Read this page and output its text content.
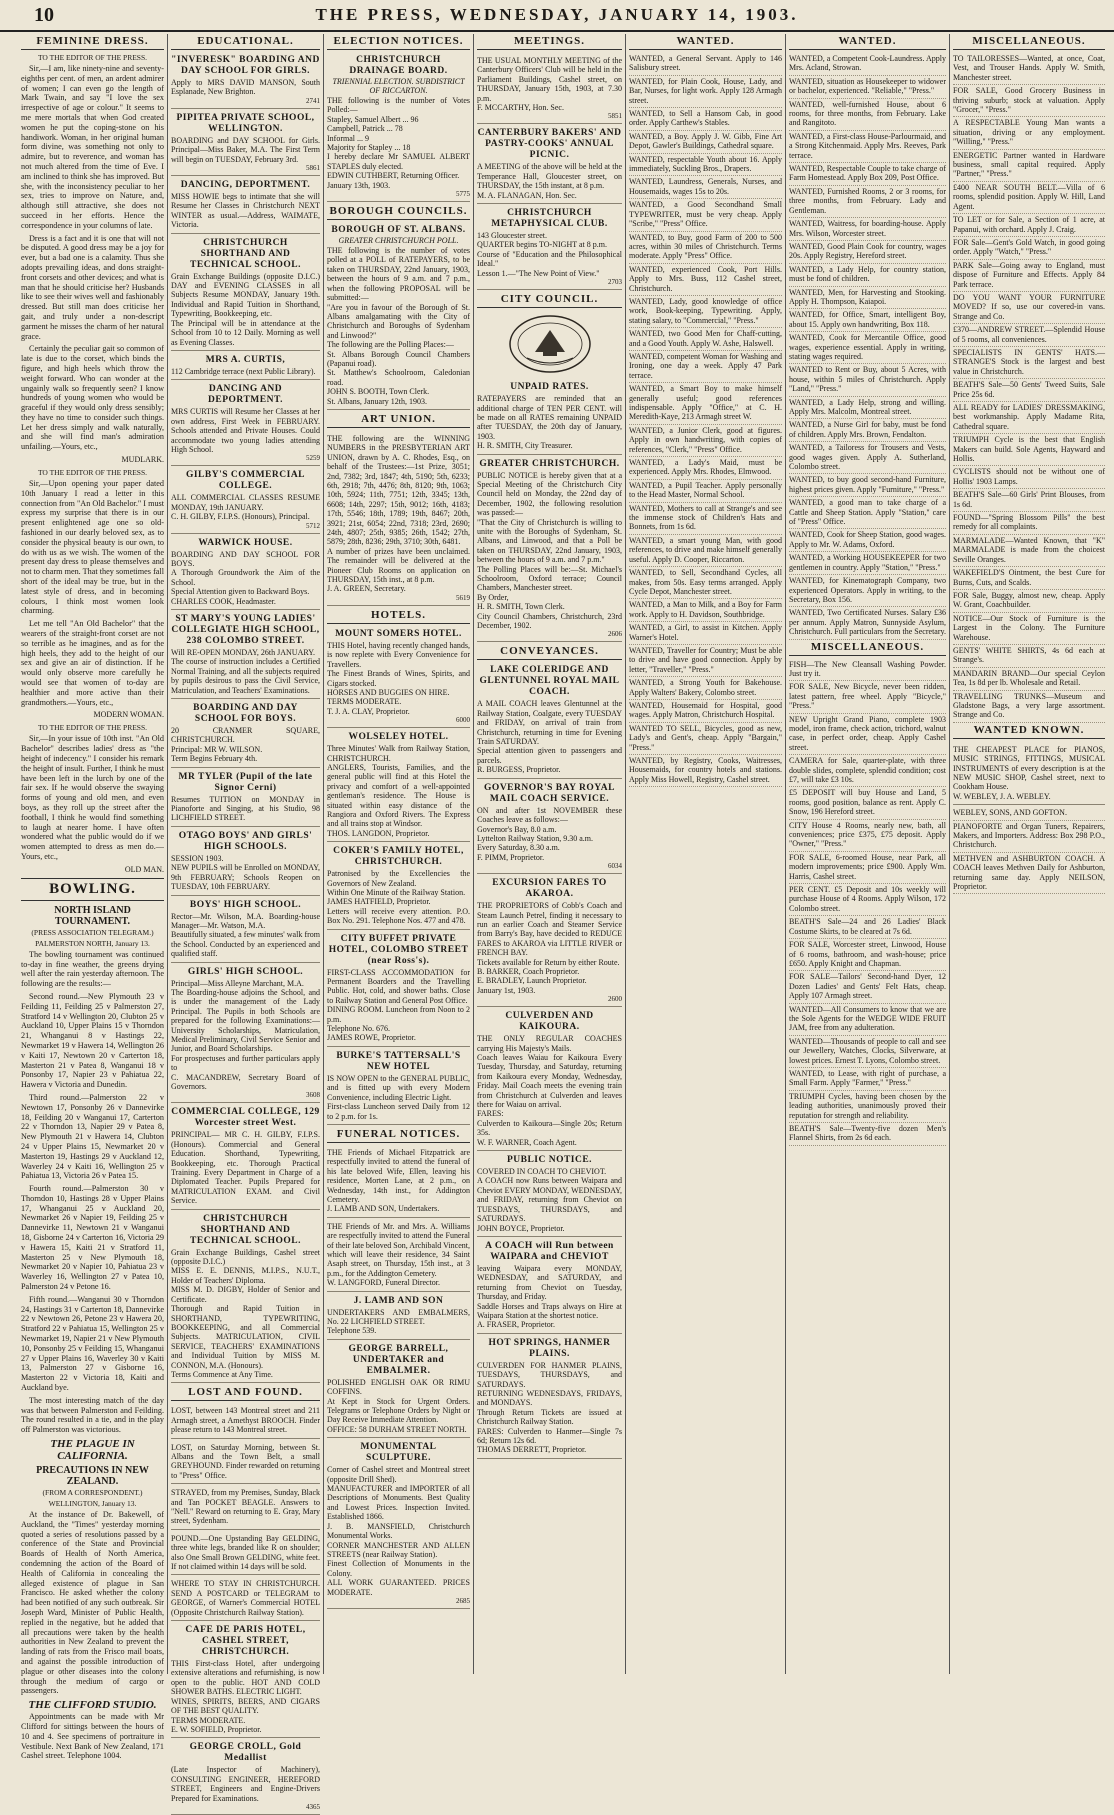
10	THE PRESS, WEDNESDAY, JANUARY 14, 1903.
FEMININE DRESS.
TO THE EDITOR OF THE PRESS.

Sir,—I am, like ninety-nine and seventy-eighths per cent. of men, an ardent admirer of women; I can even go the length of Mark Twain, and say "I love the sex irrespective of age or colour." It seems to me mere mortals that when God created women he put the coping-stone on his handiwork. Woman, in her original human form divine, was something not only to admire, but to reverence, and woman has not much altered from the time of Eve. I am inclined to think she has improved. But she, with the inconsistency peculiar to her sex, tries to improve on Nature, and, although still attractive, she does not succeed in her efforts. Hence the correspondence in your columns of late.

Dress is a fact and it is one that will not be disputed. A good dress may be a joy for ever, but a bad one is a calamity. Thus she adopts prevailing ideas, and dons straight-front corsets and other devices; and what is man that he should criticise her? Husbands like to see their wives well and fashionably dressed. But still man does criticise her gait, and truly under a non-descript garment he misses the charm of her natural grace.

Certainly the peculiar gait so common of late is due to the corset, which binds the figure, and high heels which throw the weight forward. Who can wonder at the ungainly walk so frequently seen? I know hundreds of young women who would be graceful if they would only dress sensibly; they have no time to consider such things. Let her dress simply and walk naturally, and she will find man's admiration unfailing.—Yours, etc.,

MUDLARK.
TO THE EDITOR OF THE PRESS.

Sir,—Upon opening your paper dated 10th January I read a letter in this connection from "An Old Bachelor." I must express my surprise that there is in our present enlightened age one so old-fashioned in our dearly beloved sex, as to consider the physical beauty is our own, to do with us as we wish. The women of the present day dress to please themselves and not to charm men. That they sometimes fall short of the ideal may be true, but in the latest style of dress, and in becoming colours, I think most women look charming.

Let me tell "An Old Bachelor" that the wearers of the straight-front corset are not so terrible as he imagines, and as for the high heels, they add to the height of our sex and give an air of distinction. If he would only observe more carefully he would see that women of to-day are healthier and more active than their grandmothers.—Yours, etc.,

MODERN WOMAN.
TO THE EDITOR OF THE PRESS.

Sir,—In your issue of 10th inst. "An Old Bachelor" describes ladies' dress as "the height of indecency." I consider his remark the height of insult. Further, I think he must have been left in the lurch by one of the fair sex. If he would observe the swaying forms of young and old men, and even boys, as they roll up the street after the football, I think he would find something to laugh at nearer home. I have often wondered what the public would do if we women attempted to dress as men do.—Yours, etc.,

OLD MAN.
BOWLING.
NORTH ISLAND TOURNAMENT.
(PRESS ASSOCIATION TELEGRAM.)
PALMERSTON NORTH, January 13.

The bowling tournament was continued to-day in fine weather, the greens drying well after the rain yesterday afternoon. The following are the results:—

Second round.—New Plymouth 23 v Feilding 11, Feilding 25 v Palmerston 27, Stratford 14 v Wellington 20, Clubton 25 v Auckland 10, Upper Plains 15 v Thorndon 21, Whanganui 8 v Hastings 22, Newmarket 19 v Hawera 14, Wellington 26 v Kaiti 17, Newtown 20 v Carterton 18, Masterton 21 v Patea 8, Wanganui 18 v Ponsonby 17, Napier 23 v Pahiatua 22, Hawera v Victoria and Dunedin.

Third round.—Palmerston 22 v Newtown 17, Ponsonby 26 v Dannevirke 18, Feilding 20 v Wanganui 17, Carterton 22 v Thorndon 13, Napier 29 v Patea 8, New Plymouth 21 v Hawera 14, Clubton 24 v Upper Plains 15, Newmarket 20 v Masterton 19, Hastings 29 v Auckland 12, Waverley 24 v Kaiti 16, Wellington 25 v Pahiatua 13, Victoria 26 v Patea 15.

Fourth round.—Palmerston 30 v Thorndon 10, Hastings 28 v Upper Plains 17, Whanganui 25 v Auckland 20, Newmarket 26 v Napier 19, Feilding 25 v Dannevirke 11, Newtown 21 v Wanganui 18, Gisborne 24 v Carterton 16, Victoria 29 v Hawera 15, Kaiti 21 v Stratford 11, Masterton 25 v New Plymouth 18, Newmarket 20 v Napier 10, Pahiatua 23 v Waverley 16, Wellington 27 v Patea 10, Palmerston 24 v Petone 16.

Fifth round.—Wanganui 30 v Thorndon 24, Hastings 31 v Carterton 18, Dannevirke 22 v Newtown 26, Petone 23 v Hawera 20, Stratford 22 v Pahiatua 15, Wellington 25 v Newmarket 19, Napier 21 v New Plymouth 10, Ponsonby 25 v Feilding 15, Whanganui 27 v Upper Plains 16, Waverley 30 v Kaiti 13, Palmerston 27 v Gisborne 16, Masterton 22 v Victoria 18, Kaiti and Auckland bye.

The most interesting match of the day was that between Palmerston and Feilding. The round resulted in a tie, and in the play off Palmerston was victorious.

THE PLAGUE IN CALIFORNIA.
PRECAUTIONS IN NEW ZEALAND.
(FROM A CORRESPONDENT.)
WELLINGTON, January 13.

At the instance of Dr. Bakewell, of Auckland, the "Times" yesterday morning quoted a series of resolutions passed by a conference of the State and Provincial Boards of Health of North America, condemning the action of the Board of Health of California in concealing the alleged existence of plague in San Francisco. He asked whether the colony had been notified of any such outbreak. Sir Joseph Ward, Minister of Public Health, replied in the negative, but he added that all precautions were taken by the health authorities in New Zealand to prevent the landing of rats from the Frisco mail boats, and against the possible introduction of plague or other diseases into the colony through the medium of cargo or passengers.

THE CLIFFORD STUDIO.

Appointments can be made with Mr Clifford for sittings between the hours of 10 and 4. See specimens of portraiture in Vestibule. Next Bank of New Zealand, 171 Cashel street. Telephone 1004.

EDUCATIONAL.
"INVERESK" BOARDING AND DAY SCHOOL FOR GIRLS.
Apply to MRS DAVID MANSON, South Esplanade, New Brighton.
2741
PIPITEA PRIVATE SCHOOL, WELLINGTON.
BOARDING and DAY SCHOOL for Girls. Principal—Miss Baker, M.A. The First Term will begin on TUESDAY, February 3rd.
5861
DANCING, DEPORTMENT.
MISS HOWIE begs to intimate that she will Resume her Classes in Christchurch NEXT WINTER as usual.—Address, WAIMATE, Victoria.
CHRISTCHURCH SHORTHAND AND TECHNICAL SCHOOL.
Grain Exchange Buildings (opposite D.I.C.) DAY and EVENING CLASSES in all Subjects Resume MONDAY, January 19th. Individual and Rapid Tuition in Shorthand, Typewriting, Bookkeeping, etc.
The Principal will be in attendance at the School from 10 to 12 Daily. Morning as well as Evening Classes.
MRS A. CURTIS,
112 Cambridge terrace (next Public Library).
DANCING AND DEPORTMENT.
MRS CURTIS will Resume her Classes at her own address, First Week in FEBRUARY. Schools attended and Private Houses. Could accommodate two young ladies attending High School.
5259
GILBY'S COMMERCIAL COLLEGE.
ALL COMMERCIAL CLASSES RESUME MONDAY, 19th JANUARY.
C. H. GILBY, F.I.P.S. (Honours), Principal.
5712
WARWICK HOUSE.
BOARDING AND DAY SCHOOL FOR BOYS.
A Thorough Groundwork the Aim of the School.
Special Attention given to Backward Boys.
CHARLES COOK, Headmaster.
ST MARY'S YOUNG LADIES' COLLEGIATE HIGH SCHOOL, 238 COLOMBO STREET.
Will RE-OPEN MONDAY, 26th JANUARY.
The course of instruction includes a Certified Normal Training, and all the subjects required by pupils desirous to pass the Civil Service, Matriculation, and Teachers' Examinations.
BOARDING AND DAY SCHOOL FOR BOYS.
20 CRANMER SQUARE, CHRISTCHURCH.
Principal: MR W. WILSON.
Term Begins February 4th.
MR TYLER (Pupil of the late Signor Cerni)
Resumes TUITION on MONDAY in Pianoforte and Singing, at his Studio, 98 LICHFIELD STREET.
OTAGO BOYS' AND GIRLS' HIGH SCHOOLS.
SESSION 1903.
NEW PUPILS will be Enrolled on MONDAY, 9th FEBRUARY; Schools Reopen on TUESDAY, 10th FEBRUARY.
BOYS' HIGH SCHOOL.
Rector—Mr. Wilson, M.A. Boarding-house Manager—Mr. Watson, M.A.
Beautifully situated, a few minutes' walk from the School. Conducted by an experienced and qualified staff.
GIRLS' HIGH SCHOOL.
Principal—Miss Alleyne Marchant, M.A.
The Boarding-house adjoins the School, and is under the management of the Lady Principal. The Pupils in both Schools are prepared for the following Examinations:—University Scholarships, Matriculation, Medical Preliminary, Civil Service Senior and Junior, and Board Scholarships.
For prospectuses and further particulars apply to
C. MACANDREW, Secretary Board of Governors.
3608
COMMERCIAL COLLEGE, 129 Worcester street West.
PRINCIPAL— MR C. H. GILBY, F.I.P.S. (Honours). Commercial and General Education. Shorthand, Typewriting, Bookkeeping, etc. Thorough Practical Training. Every Department in Charge of a Diplomated Teacher. Pupils Prepared for MATRICULATION EXAM. and Civil Service.
CHRISTCHURCH SHORTHAND AND TECHNICAL SCHOOL.
Grain Exchange Buildings, Cashel street (opposite D.I.C.)
MISS E. E. DENNIS, M.I.P.S., N.U.T., Holder of Teachers' Diploma.
MISS M. D. DIGBY, Holder of Senior and Certificate.
Thorough and Rapid Tuition in SHORTHAND, TYPEWRITING, BOOKKEEPING, and all Commercial Subjects. MATRICULATION, CIVIL SERVICE, TEACHERS' EXAMINATIONS and Individual Tuition by MISS M. CONNON, M.A. (Honours).
Terms Commence at Any Time.
LOST AND FOUND.
LOST, between 143 Montreal street and 211 Armagh street, a Amethyst BROOCH. Finder please return to 143 Montreal street.
LOST, on Saturday Morning, between St. Albans and the Town Belt, a small GREYHOUND. Finder rewarded on returning to "Press" Office.
STRAYED, from my Premises, Sunday, Black and Tan POCKET BEAGLE. Answers to "Nell." Reward on returning to E. Gray, Mary street, Sydenham.
POUND.—One Upstanding Bay GELDING, three white legs, branded like R on shoulder; also One Small Brown GELDING, white feet. If not claimed within 14 days will be sold.
WHERE TO STAY IN CHRISTCHURCH. SEND A POSTCARD or TELEGRAM to GEORGE, of Warner's Commercial HOTEL (Opposite Christchurch Railway Station).
CAFE DE PARIS HOTEL, CASHEL STREET, CHRISTCHURCH.
THIS First-class Hotel, after undergoing extensive alterations and refurnishing, is now open to the public. HOT AND COLD SHOWER BATHS. ELECTRIC LIGHT.
WINES, SPIRITS, BEERS, AND CIGARS OF THE BEST QUALITY.
TERMS MODERATE.
E. W. SOFIELD, Proprietor.
GEORGE CROLL, Gold Medallist
(Late Inspector of Machinery), CONSULTING ENGINEER, HEREFORD STREET, Engineers and Engine-Drivers Prepared for Examinations.
4365
ELECTION NOTICES.
CHRISTCHURCH DRAINAGE BOARD.
TRIENNIAL ELECTION. SUBDISTRICT OF RICCARTON.
THE following is the number of Votes Polled:—
Stapley, Samuel Albert ... 96
Campbell, Patrick ... 78
Informal ... 9
Majority for Stapley ... 18
I hereby declare Mr SAMUEL ALBERT STAPLES duly elected.
EDWIN CUTHBERT, Returning Officer.
January 13th, 1903.
5775
BOROUGH COUNCILS.
BOROUGH OF ST. ALBANS.
GREATER CHRISTCHURCH POLL.
THE following is the number of votes polled at a POLL of RATEPAYERS, to be taken on THURSDAY, 22nd January, 1903, between the hours of 9 a.m. and 7 p.m., when the following PROPOSAL will be submitted:—
"Are you in favour of the Borough of St. Albans amalgamating with the City of Christchurch and Boroughs of Sydenham and Linwood?"
The following are the Polling Places:—
St. Albans Borough Council Chambers (Papanui road).
St. Matthew's Schoolroom, Caledonian road.
JOHN S. BOOTH, Town Clerk.
St. Albans, January 12th, 1903.
ART UNION.
THE following are the WINNING NUMBERS in the PRESBYTERIAN ART UNION, drawn by A. C. Rhodes, Esq., on behalf of the Trustees:—1st Prize, 3051; 2nd, 7382; 3rd, 1847; 4th, 5190; 5th, 6233; 6th, 2918; 7th, 4476; 8th, 8120; 9th, 1063; 10th, 5924; 11th, 7751; 12th, 3345; 13th, 6608; 14th, 2297; 15th, 9012; 16th, 4183; 17th, 5546; 18th, 1789; 19th, 8467; 20th, 3921; 21st, 6054; 22nd, 7318; 23rd, 2690; 24th, 4807; 25th, 9385; 26th, 1542; 27th, 5879; 28th, 8236; 29th, 3710; 30th, 6481.
A number of prizes have been unclaimed. The remainder will be delivered at the Pioneer Club Rooms on application on THURSDAY, 15th inst., at 8 p.m.
J. A. GREEN, Secretary.
5619
HOTELS.
MOUNT SOMERS HOTEL.
THIS Hotel, having recently changed hands, is now replete with Every Convenience for Travellers.
The Finest Brands of Wines, Spirits, and Cigars stocked.
HORSES AND BUGGIES ON HIRE.
TERMS MODERATE.
T. J. A. CLAY, Proprietor.
6000
WOLSELEY HOTEL.
Three Minutes' Walk from Railway Station, CHRISTCHURCH.
ANGLERS, Tourists, Families, and the general public will find at this Hotel the privacy and comfort of a well-appointed gentleman's residence. The House is situated within easy distance of the Rangiora and Oxford Rivers. The Express and all trains stop at Windsor.
THOS. LANGDON, Proprietor.
COKER'S FAMILY HOTEL, CHRISTCHURCH.
Patronised by the Excellencies the Governors of New Zealand.
Within One Minute of the Railway Station.
JAMES HATFIELD, Proprietor.
Letters will receive every attention. P.O. Box No. 291. Telephone Nos. 477 and 478.
CITY BUFFET PRIVATE HOTEL, COLOMBO STREET (near Ross's).
FIRST-CLASS ACCOMMODATION for Permanent Boarders and the Travelling Public. Hot, cold, and shower baths. Close to Railway Station and General Post Office.
DINING ROOM. Luncheon from Noon to 2 p.m.
Telephone No. 676.
JAMES ROWE, Proprietor.
BURKE'S TATTERSALL'S NEW HOTEL
IS NOW OPEN to the GENERAL PUBLIC, and is fitted up with every Modern Convenience, including Electric Light.
First-class Luncheon served Daily from 12 to 2 p.m. for 1s.
FUNERAL NOTICES.
THE Friends of Michael Fitzpatrick are respectfully invited to attend the funeral of his late beloved Wife, Ellen, leaving his residence, Morten Lane, at 2 p.m., on Wednesday, 14th inst., for Addington Cemetery.
J. LAMB AND SON, Undertakers.
THE Friends of Mr. and Mrs. A. Williams are respectfully invited to attend the Funeral of their late beloved Son, Archibald Vincent, which will leave their residence, 34 Saint Asaph street, on Thursday, 15th inst., at 3 p.m., for the Addington Cemetery.
W. LANGFORD, Funeral Director.
J. LAMB AND SON
UNDERTAKERS AND EMBALMERS, No. 22 LICHFIELD STREET.
Telephone 539.
GEORGE BARRELL, UNDERTAKER and EMBALMER.
POLISHED ENGLISH OAK OR RIMU COFFINS.
At Kept in Stock for Urgent Orders. Telegrams or Telephone Orders by Night or Day Receive Immediate Attention.
OFFICE: 58 DURHAM STREET NORTH.
MONUMENTAL SCULPTURE.
Corner of Cashel street and Montreal street (opposite Drill Shed).
MANUFACTURER and IMPORTER of all Descriptions of Monuments. Best Quality and Lowest Prices. Inspection Invited. Established 1866.
J. B. MANSFIELD, Christchurch Monumental Works.
CORNER MANCHESTER AND ALLEN STREETS (near Railway Station).
Finest Collection of Monuments in the Colony.
ALL WORK GUARANTEED. PRICES MODERATE.
2685
MEETINGS.
THE USUAL MONTHLY MEETING of the Canterbury Officers' Club will be held in the Parliament Buildings, Cashel street, on THURSDAY, January 15th, 1903, at 7.30 p.m.
F. MCCARTHY, Hon. Sec.
5851
CANTERBURY BAKERS' AND PASTRY-COOKS' ANNUAL PICNIC.
A MEETING of the above will be held at the Temperance Hall, Gloucester street, on THURSDAY, the 15th instant, at 8 p.m.
M. A. FLANAGAN, Hon. Sec.
CHRISTCHURCH METAPHYSICAL CLUB.
143 Gloucester street.
QUARTER begins TO-NIGHT at 8 p.m.
Course of "Education and the Philosophical Ideal."
Lesson 1.—"The New Point of View."
2703
CITY COUNCIL.
UNPAID RATES.
RATEPAYERS are reminded that an additional charge of TEN PER CENT. will be made on all RATES remaining UNPAID after TUESDAY, the 20th day of January, 1903.
H. R. SMITH, City Treasurer.
GREATER CHRISTCHURCH.
PUBLIC NOTICE is hereby given that at a Special Meeting of the Christchurch City Council held on Monday, the 22nd day of December, 1902, the following resolution was passed:—
"That the City of Christchurch is willing to unite with the Boroughs of Sydenham, St. Albans, and Linwood, and that a Poll be taken on THURSDAY, 22nd January, 1903, between the hours of 9 a.m. and 7 p.m."
The Polling Places will be:—St. Michael's Schoolroom, Oxford terrace; Council Chambers, Manchester street.
By Order,
H. R. SMITH, Town Clerk.
City Council Chambers, Christchurch, 23rd December, 1902.
2606
CONVEYANCES.
LAKE COLERIDGE AND GLENTUNNEL ROYAL MAIL COACH.
A MAIL COACH leaves Glentunnel at the Railway Station, Coalgate, every TUESDAY and FRIDAY, on arrival of train from Christchurch, returning in time for Evening Train SATURDAY.
Special attention given to passengers and parcels.
R. BURGESS, Proprietor.
GOVERNOR'S BAY ROYAL MAIL COACH SERVICE.
ON and after 1st NOVEMBER these Coaches leave as follows:—
Governor's Bay, 8.0 a.m.
Lyttelton Railway Station, 9.30 a.m.
Every Saturday, 8.30 a.m.
F. PIMM, Proprietor.
6034
EXCURSION FARES TO AKAROA.
THE PROPRIETORS of Cobb's Coach and Steam Launch Petrel, finding it necessary to run an earlier Coach and Steamer Service from Barry's Bay, have decided to REDUCE FARES to AKAROA via LITTLE RIVER or FRENCH BAY.
Tickets available for Return by either Route.
B. BARKER, Coach Proprietor.
E. BRADLEY, Launch Proprietor.
January 1st, 1903.
2600
CULVERDEN AND KAIKOURA.
THE ONLY REGULAR COACHES carrying His Majesty's Mails.
Coach leaves Waiau for Kaikoura Every Tuesday, Thursday, and Saturday, returning from Kaikoura every Monday, Wednesday, Friday. Mail Coach meets the evening train from Christchurch at Culverden and leaves there for Waiau on arrival.
FARES:
Culverden to Kaikoura—Single 20s; Return 35s.
W. F. WARNER, Coach Agent.
PUBLIC NOTICE.
COVERED IN COACH TO CHEVIOT.
A COACH now Runs between Waipara and Cheviot EVERY MONDAY, WEDNESDAY, and FRIDAY, returning from Cheviot on TUESDAYS, THURSDAYS, and SATURDAYS.
JOHN BOYCE, Proprietor.
A COACH will Run between WAIPARA and CHEVIOT
leaving Waipara every MONDAY, WEDNESDAY, and SATURDAY, and returning from Cheviot on Tuesday, Thursday, and Friday.
Saddle Horses and Traps always on Hire at Waipara Station at the shortest notice.
A. FRASER, Proprietor.
HOT SPRINGS, HANMER PLAINS.
CULVERDEN FOR HANMER PLAINS, TUESDAYS, THURSDAYS, and SATURDAYS.
RETURNING WEDNESDAYS, FRIDAYS, and MONDAYS.
Through Return Tickets are issued at Christchurch Railway Station.
FARES: Culverden to Hanmer—Single 7s 6d; Return 12s 6d.
THOMAS DERRETT, Proprietor.
WANTED.
WANTED, a General Servant. Apply to 146 Salisbury street.
WANTED, for Plain Cook, House, Lady, and Bar, Nurses, for light work. Apply 128 Armagh street.
WANTED, to Sell a Hansom Cab, in good order. Apply Carthew's Stables.
WANTED, a Boy. Apply J. W. Gibb, Fine Art Depot, Gawler's Buildings, Cathedral square.
WANTED, respectable Youth about 16. Apply immediately, Suckling Bros., Drapers.
WANTED, Laundress, Generals, Nurses, and Housemaids, wages 15s to 20s.
WANTED, a Good Secondhand Small TYPEWRITER, must be very cheap. Apply "Scribe," "Press" Office.
WANTED, to Buy, good Farm of 200 to 500 acres, within 30 miles of Christchurch. Terms moderate. Apply "Press" Office.
WANTED, experienced Cook, Port Hills. Apply to Mrs. Buss, 112 Cashel street, Christchurch.
WANTED, Lady, good knowledge of office work, Book-keeping, Typewriting. Apply, stating salary, to "Commercial," "Press."
WANTED, two Good Men for Chaff-cutting, and a Good Youth. Apply W. Ashe, Halswell.
WANTED, competent Woman for Washing and Ironing, one day a week. Apply 47 Park terrace.
WANTED, a Smart Boy to make himself generally useful; good references indispensable. Apply "Office," at C. H. Meredith-Kaye, 213 Armagh street W.
WANTED, a Junior Clerk, good at figures. Apply in own handwriting, with copies of references, "Clerk," "Press" Office.
WANTED, a Lady's Maid, must be experienced. Apply Mrs. Rhodes, Elmwood.
WANTED, a Pupil Teacher. Apply personally to the Head Master, Normal School.
WANTED, Mothers to call at Strange's and see the immense stock of Children's Hats and Bonnets, from 1s 6d.
WANTED, a smart young Man, with good references, to drive and make himself generally useful. Apply D. Cooper, Riccarton.
WANTED, to Sell, Secondhand Cycles, all makes, from 50s. Easy terms arranged. Apply Cycle Depot, Manchester street.
WANTED, a Man to Milk, and a Boy for Farm work. Apply to H. Davidson, Southbridge.
WANTED, a Girl, to assist in Kitchen. Apply Warner's Hotel.
WANTED, Traveller for Country; Must be able to drive and have good connection. Apply by letter, "Traveller," "Press."
WANTED, a Strong Youth for Bakehouse. Apply Walters' Bakery, Colombo street.
WANTED, Housemaid for Hospital, good wages. Apply Matron, Christchurch Hospital.
WANTED TO SELL, Bicycles, good as new, Lady's and Gent's, cheap. Apply "Bargain," "Press."
WANTED, by Registry, Cooks, Waitresses, Housemaids, for country hotels and stations. Apply Miss Howell, Registry, Cashel street.
WANTED.
WANTED, a Competent Cook-Laundress. Apply Mrs. Acland, Strowan.
WANTED, situation as Housekeeper to widower or bachelor, experienced. "Reliable," "Press."
WANTED, well-furnished House, about 6 rooms, for three months, from February. Lake and Rangitoto.
WANTED, a First-class House-Parlourmaid, and a Strong Kitchenmaid. Apply Mrs. Reeves, Park terrace.
WANTED, Respectable Couple to take charge of Farm Homestead. Apply Box 209, Post Office.
WANTED, Furnished Rooms, 2 or 3 rooms, for three months, from February. Lady and Gentleman.
WANTED, Waitress, for boarding-house. Apply Mrs. Wilson, Worcester street.
WANTED, Good Plain Cook for country, wages 20s. Apply Registry, Hereford street.
WANTED, a Lady Help, for country station, must be fond of children.
WANTED, Men, for Harvesting and Stooking. Apply H. Thompson, Kaiapoi.
WANTED, for Office, Smart, intelligent Boy, about 15. Apply own handwriting, Box 118.
WANTED, Cook for Mercantile Office, good wages, experience essential. Apply in writing, stating wages required.
WANTED to Rent or Buy, about 5 Acres, with house, within 5 miles of Christchurch. Apply "Land," "Press."
WANTED, a Lady Help, strong and willing. Apply Mrs. Malcolm, Montreal street.
WANTED, a Nurse Girl for baby, must be fond of children. Apply Mrs. Brown, Fendalton.
WANTED, a Tailoress for Trousers and Vests, good wages given. Apply A. Sutherland, Colombo street.
WANTED, to buy good second-hand Furniture, highest prices given. Apply "Furniture," "Press."
WANTED, a good man to take charge of a Cattle and Sheep Station. Apply "Station," care of "Press" Office.
WANTED, Cook for Sheep Station, good wages. Apply to Mr. W. Adams, Oxford.
WANTED, a Working HOUSEKEEPER for two gentlemen in country. Apply "Station," "Press."
WANTED, for Kinematograph Company, two experienced Operators. Apply in writing, to the Secretary, Box 156.
WANTED, Two Certificated Nurses. Salary £36 per annum. Apply Matron, Sunnyside Asylum, Christchurch. Full particulars from the Secretary.
MISCELLANEOUS.
FISH—The New Cleansall Washing Powder. Just try it.
FOR SALE, New Bicycle, never been ridden, latest pattern, free wheel. Apply "Bicycle," "Press."
NEW Upright Grand Piano, complete 1903 model, iron frame, check action, trichord, walnut case, in perfect order, cheap. Apply Cashel street.
CAMERA for Sale, quarter-plate, with three double slides, complete, splendid condition; cost £7, will take £3 10s.
£5 DEPOSIT will buy House and Land, 5 rooms, good position, balance as rent. Apply C. Snow, 196 Hereford street.
CITY House 4 Rooms, nearly new, bath, all conveniences; price £375, £75 deposit. Apply "Owner," "Press."
FOR SALE, 6-roomed House, near Park, all modern improvements; price £900. Apply Wm. Harris, Cashel street.
PER CENT. £5 Deposit and 10s weekly will purchase House of 4 Rooms. Apply Wilson, 172 Colombo street.
BEATH'S Sale—24 and 26 Ladies' Black Costume Skirts, to be cleared at 7s 6d.
FOR SALE, Worcester street, Linwood, House of 6 rooms, bathroom, and wash-house; price £650. Apply Knight and Chapman.
FOR SALE—Tailors' Second-hand Dyer, 12 Dozen Ladies' and Gents' Felt Hats, cheap. Apply 107 Armagh street.
WANTED—All Consumers to know that we are the Sole Agents for the WEDGE WIDE FRUIT JAM, free from any adulteration.
WANTED—Thousands of people to call and see our Jewellery, Watches, Clocks, Silverware, at lowest prices. Ernest T. Lyons, Colombo street.
WANTED, to Lease, with right of purchase, a Small Farm. Apply "Farmer," "Press."
TRIUMPH Cycles, having been chosen by the leading authorities, unanimously proved their reputation for strength and reliability.
BEATH'S Sale—Twenty-five dozen Men's Flannel Shirts, from 2s 6d each.
MISCELLANEOUS.
TO TAILORESSES—Wanted, at once, Coat, Vest, and Trouser Hands. Apply W. Smith, Manchester street.
FOR SALE, Good Grocery Business in thriving suburb; stock at valuation. Apply "Grocer," "Press."
A RESPECTABLE Young Man wants a situation, driving or any employment. "Willing," "Press."
ENERGETIC Partner wanted in Hardware business, small capital required. Apply "Partner," "Press."
£400 NEAR SOUTH BELT.—Villa of 6 rooms, splendid position. Apply W. Hill, Land Agent.
TO LET or for Sale, a Section of 1 acre, at Papanui, with orchard. Apply J. Craig.
FOR Sale—Gent's Gold Watch, in good going order. Apply "Watch," "Press."
PARK Sale—Going away to England, must dispose of Furniture and Effects. Apply 84 Park terrace.
DO YOU WANT YOUR FURNITURE MOVED? If so, use our covered-in vans. Strange and Co.
£370—ANDREW STREET.—Splendid House of 5 rooms, all conveniences.
SPECIALISTS IN GENTS' HATS.—STRANGE'S Stock is the largest and best value in Christchurch.
BEATH'S Sale—50 Gents' Tweed Suits, Sale Price 25s 6d.
ALL READY for LADIES' DRESSMAKING, best workmanship. Apply Madame Rita, Cathedral square.
TRIUMPH Cycle is the best that English Makers can build. Sole Agents, Hayward and Hollis.
CYCLISTS should not be without one of Hollis' 1903 Lamps.
BEATH'S Sale—60 Girls' Print Blouses, from 1s 6d.
FOUND—"Spring Blossom Pills" the best remedy for all complaints.
MARMALADE—Wanted Known, that "K" MARMALADE is made from the choicest Seville Oranges.
WAKEFIELD'S Ointment, the best Cure for Burns, Cuts, and Scalds.
FOR Sale, Buggy, almost new, cheap. Apply W. Grant, Coachbuilder.
NOTICE—Our Stock of Furniture is the Largest in the Colony. The Furniture Warehouse.
GENTS' WHITE SHIRTS, 4s 6d each at Strange's.
MANDARIN BRAND—Our special Ceylon Tea, 1s 8d per lb. Wholesale and Retail.
TRAVELLING TRUNKS—Museum and Gladstone Bags, a very large assortment. Strange and Co.
WANTED KNOWN.
THE CHEAPEST PLACE for PIANOS, MUSIC STRINGS, FITTINGS, MUSICAL INSTRUMENTS of every description is at the NEW MUSIC SHOP, Cashel street, next to Cookham House.
W. WEBLEY, J. A. WEBLEY.
WEBLEY, SONS, AND GOFTON.
PIANOFORTE and Organ Tuners, Repairers, Makers, and Importers. Address: Box 298 P.O., Christchurch.
METHVEN and ASHBURTON COACH. A COACH leaves Methven Daily for Ashburton, returning same day. Apply NEILSON, Proprietor.
